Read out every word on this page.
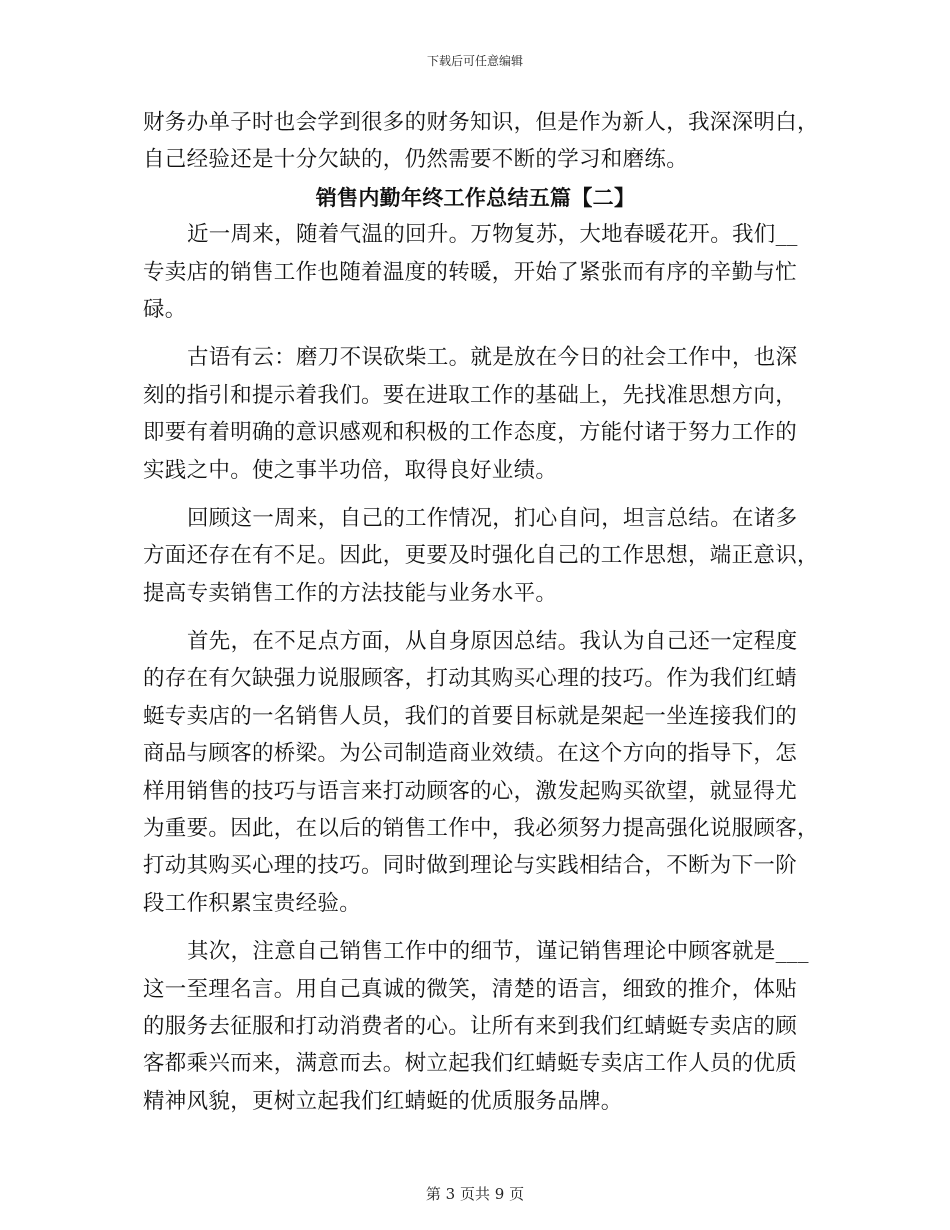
下载后可任意编辑
财务办单子时也会学到很多的财务知识，但是作为新人，我深深明白，
自己经验还是十分欠缺的，仍然需要不断的学习和磨练。
销售内勤年终工作总结五篇【二】
近一周来，随着气温的回升。万物复苏，大地春暖花开。我们__
专卖店的销售工作也随着温度的转暖，开始了紧张而有序的辛勤与忙
碌。
古语有云：磨刀不误砍柴工。就是放在今日的社会工作中，也深
刻的指引和提示着我们。要在进取工作的基础上，先找准思想方向，
即要有着明确的意识感观和积极的工作态度，方能付诸于努力工作的
实践之中。使之事半功倍，取得良好业绩。
回顾这一周来，自己的工作情况，扪心自问，坦言总结。在诸多
方面还存在有不足。因此，更要及时强化自己的工作思想，端正意识，
提高专卖销售工作的方法技能与业务水平。
首先，在不足点方面，从自身原因总结。我认为自己还一定程度
的存在有欠缺强力说服顾客，打动其购买心理的技巧。作为我们红蜻
蜓专卖店的一名销售人员，我们的首要目标就是架起一坐连接我们的
商品与顾客的桥梁。为公司制造商业效绩。在这个方向的指导下，怎
样用销售的技巧与语言来打动顾客的心，激发起购买欲望，就显得尤
为重要。因此，在以后的销售工作中，我必须努力提高强化说服顾客，
打动其购买心理的技巧。同时做到理论与实践相结合，不断为下一阶
段工作积累宝贵经验。
其次，注意自己销售工作中的细节，谨记销售理论中顾客就是___
这一至理名言。用自己真诚的微笑，清楚的语言，细致的推介，体贴
的服务去征服和打动消费者的心。让所有来到我们红蜻蜓专卖店的顾
客都乘兴而来，满意而去。树立起我们红蜻蜓专卖店工作人员的优质
精神风貌，更树立起我们红蜻蜓的优质服务品牌。
第 3 页共 9 页
